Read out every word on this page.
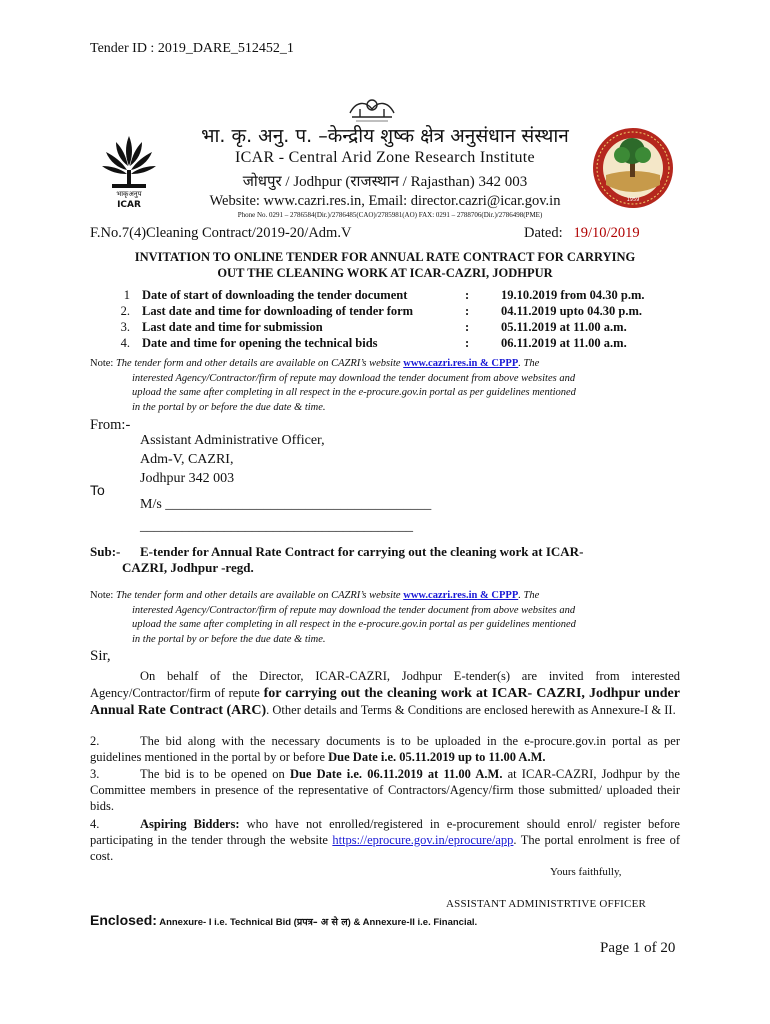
Tender ID : 2019_DARE_512452_1
भाकृअनुप
ICAR	1959
भा. कृ. अनु. प. –केन्द्रीय शुष्क क्षेत्र अनुसंधान संस्थान
ICAR - Central Arid Zone Research Institute
जोधपुर / Jodhpur (राजस्थान / Rajasthan) 342 003
Website: www.cazri.res.in, Email: director.cazri@icar.gov.in
Phone No. 0291 – 2786584(Dir.)/2786485(CAO)/2785981(AO) FAX: 0291 – 2788706(Dir.)/2786498(PME)
F.No.7(4)Cleaning Contract/2019-20/Adm.V	Dated: 19/10/2019
INVITATION TO ONLINE TENDER FOR ANNUAL RATE CONTRACT FOR CARRYING
OUT THE CLEANING WORK AT ICAR-CAZRI, JODHPUR
1 Date of start of downloading the tender document	:	19.10.2019 from 04.30 p.m.
2. Last date and time for downloading of tender form	:	04.11.2019 upto 04.30 p.m.
3. Last date and time for submission	:	05.11.2019 at 11.00 a.m.
4. Date and time for opening the technical bids	:	06.11.2019 at 11.00 a.m.
Note: The tender form and other details are available on CAZRI’s website www.cazri.res.in & CPPP. The
interested Agency/Contractor/firm of repute may download the tender document from above websites and
upload the same after completing in all respect in the e-procure.gov.in portal as per guidelines mentioned
in the portal by or before the due date & time.
From:-
Assistant Administrative Officer,
Adm-V, CAZRI,
Jodhpur 342 003
To
M/s ______________________________________
_______________________________________
Sub:- E-tender for Annual Rate Contract for carrying out the cleaning work at ICAR-
CAZRI, Jodhpur -regd.
Note: The tender form and other details are available on CAZRI’s website www.cazri.res.in & CPPP. The
interested Agency/Contractor/firm of repute may download the tender document from above websites and
upload the same after completing in all respect in the e-procure.gov.in portal as per guidelines mentioned
in the portal by or before the due date & time.
Sir,
On behalf of the Director, ICAR-CAZRI, Jodhpur E-tender(s) are invited from interested Agency/Contractor/firm of repute for carrying out the cleaning work at ICAR- CAZRI, Jodhpur under Annual Rate Contract (ARC). Other details and Terms & Conditions are enclosed herewith as Annexure-I & II.
2.	The bid along with the necessary documents is to be uploaded in the e-procure.gov.in portal as per guidelines mentioned in the portal by or before Due Date i.e. 05.11.2019 up to 11.00 A.M.
3.	The bid is to be opened on Due Date i.e. 06.11.2019 at 11.00 A.M. at ICAR-CAZRI, Jodhpur by the Committee members in presence of the representative of Contractors/Agency/firm those submitted/ uploaded their bids.
4.	Aspiring Bidders: who have not enrolled/registered in e-procurement should enrol/ register before participating in the tender through the website https://eprocure.gov.in/eprocure/app. The portal enrolment is free of cost.
Yours faithfully,
ASSISTANT ADMINISTRTIVE OFFICER
Enclosed: Annexure- I i.e. Technical Bid (प्रपत्र– अ से ल) & Annexure-II i.e. Financial.
Page 1 of 20
